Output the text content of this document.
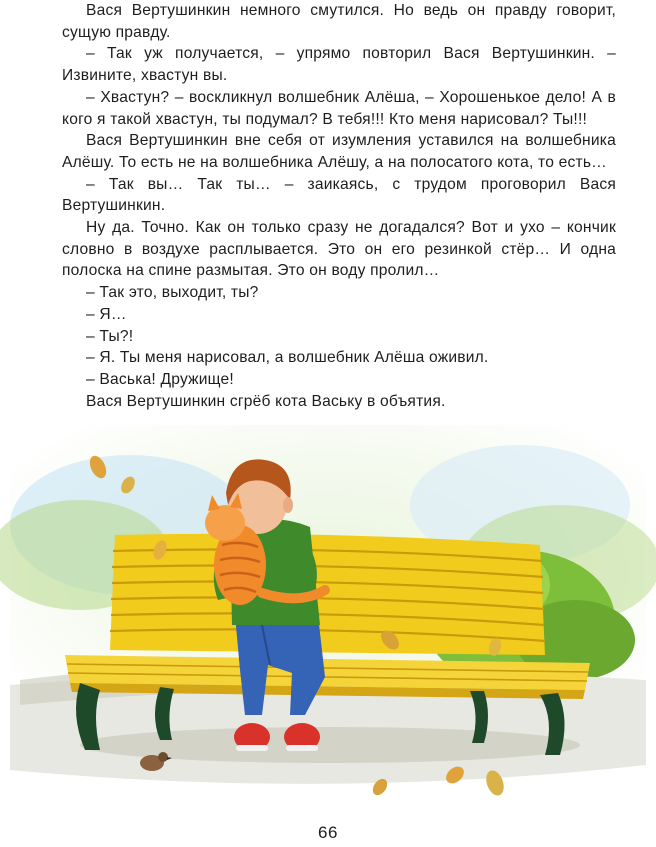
Вася Вертушинкин немного смутился. Но ведь он правду говорит, сущую правду.

– Так уж получается, – упрямо повторил Вася Вертушинкин. – Извините, хвастун вы.

– Хвастун? – воскликнул волшебник Алёша, – Хорошенькое дело! А в кого я такой хвастун, ты подумал? В тебя!!! Кто меня нарисовал? Ты!!!

Вася Вертушинкин вне себя от изумления уставился на волшебника Алёшу. То есть не на волшебника Алёшу, а на полосатого кота, то есть…

– Так вы… Так ты… – заикаясь, с трудом проговорил Вася Вертушинкин.

Ну да. Точно. Как он только сразу не догадался? Вот и ухо – кончик словно в воздухе расплывается. Это он его резинкой стёр… И одна полоска на спине размытая. Это он воду пролил…

– Так это, выходит, ты?

– Я…

– Ты?!

– Я. Ты меня нарисовал, а волшебник Алёша оживил.

– Васька! Дружище!

Вася Вертушинкин сгрёб кота Ваську в объятия.

66
